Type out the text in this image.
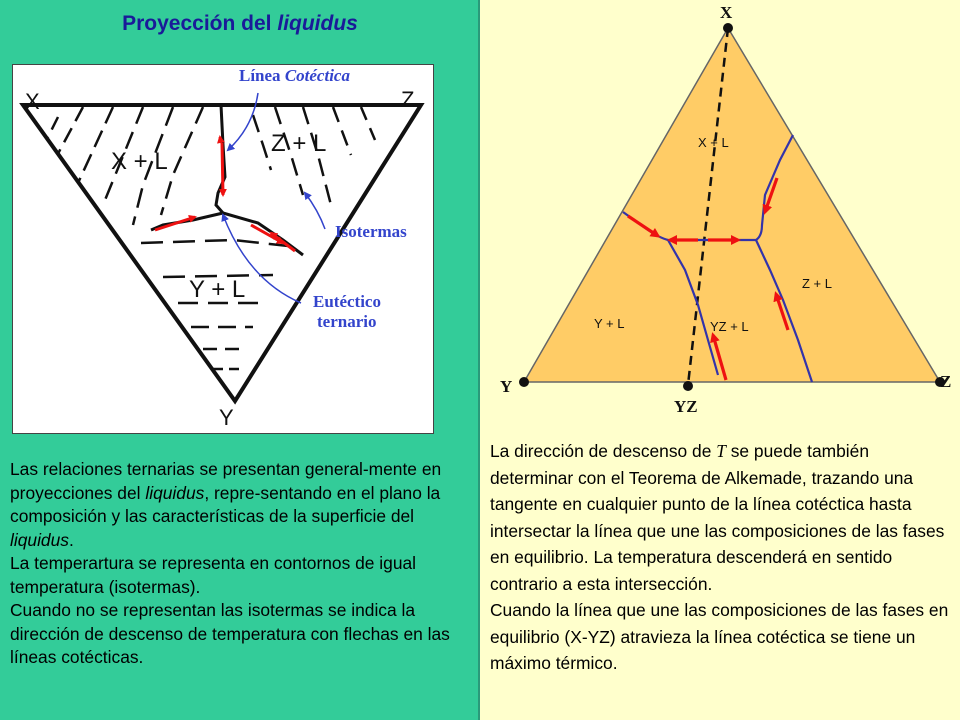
Proyección del liquidus
X	Z
Y
X + L
Z + L
Y + L
Línea Cotéctica
Isotermas
Eutéctico
ternario

Las relaciones ternarias se presentan general-mente en proyecciones del liquidus, repre-sentando en el plano la composición y las características de la superficie del liquidus.

La temperartura se representa en contornos de igual temperatura (isotermas).

Cuando no se representan las isotermas se indica la dirección de descenso de temperatura con flechas en las líneas cotécticas.

X
Y	Z
YZ
X + L
Z + L
Y + L	YZ + L

La dirección de descenso de T se puede también determinar con el Teorema de Alkemade, trazando una tangente en cualquier punto de la línea cotéctica hasta intersectar la línea que une las composiciones de las fases en equilibrio. La temperatura descenderá en sentido contrario a esta intersección.

Cuando la línea que une las composiciones de las fases en equilibrio (X-YZ) atravieza la línea cotéctica se tiene un máximo térmico.
